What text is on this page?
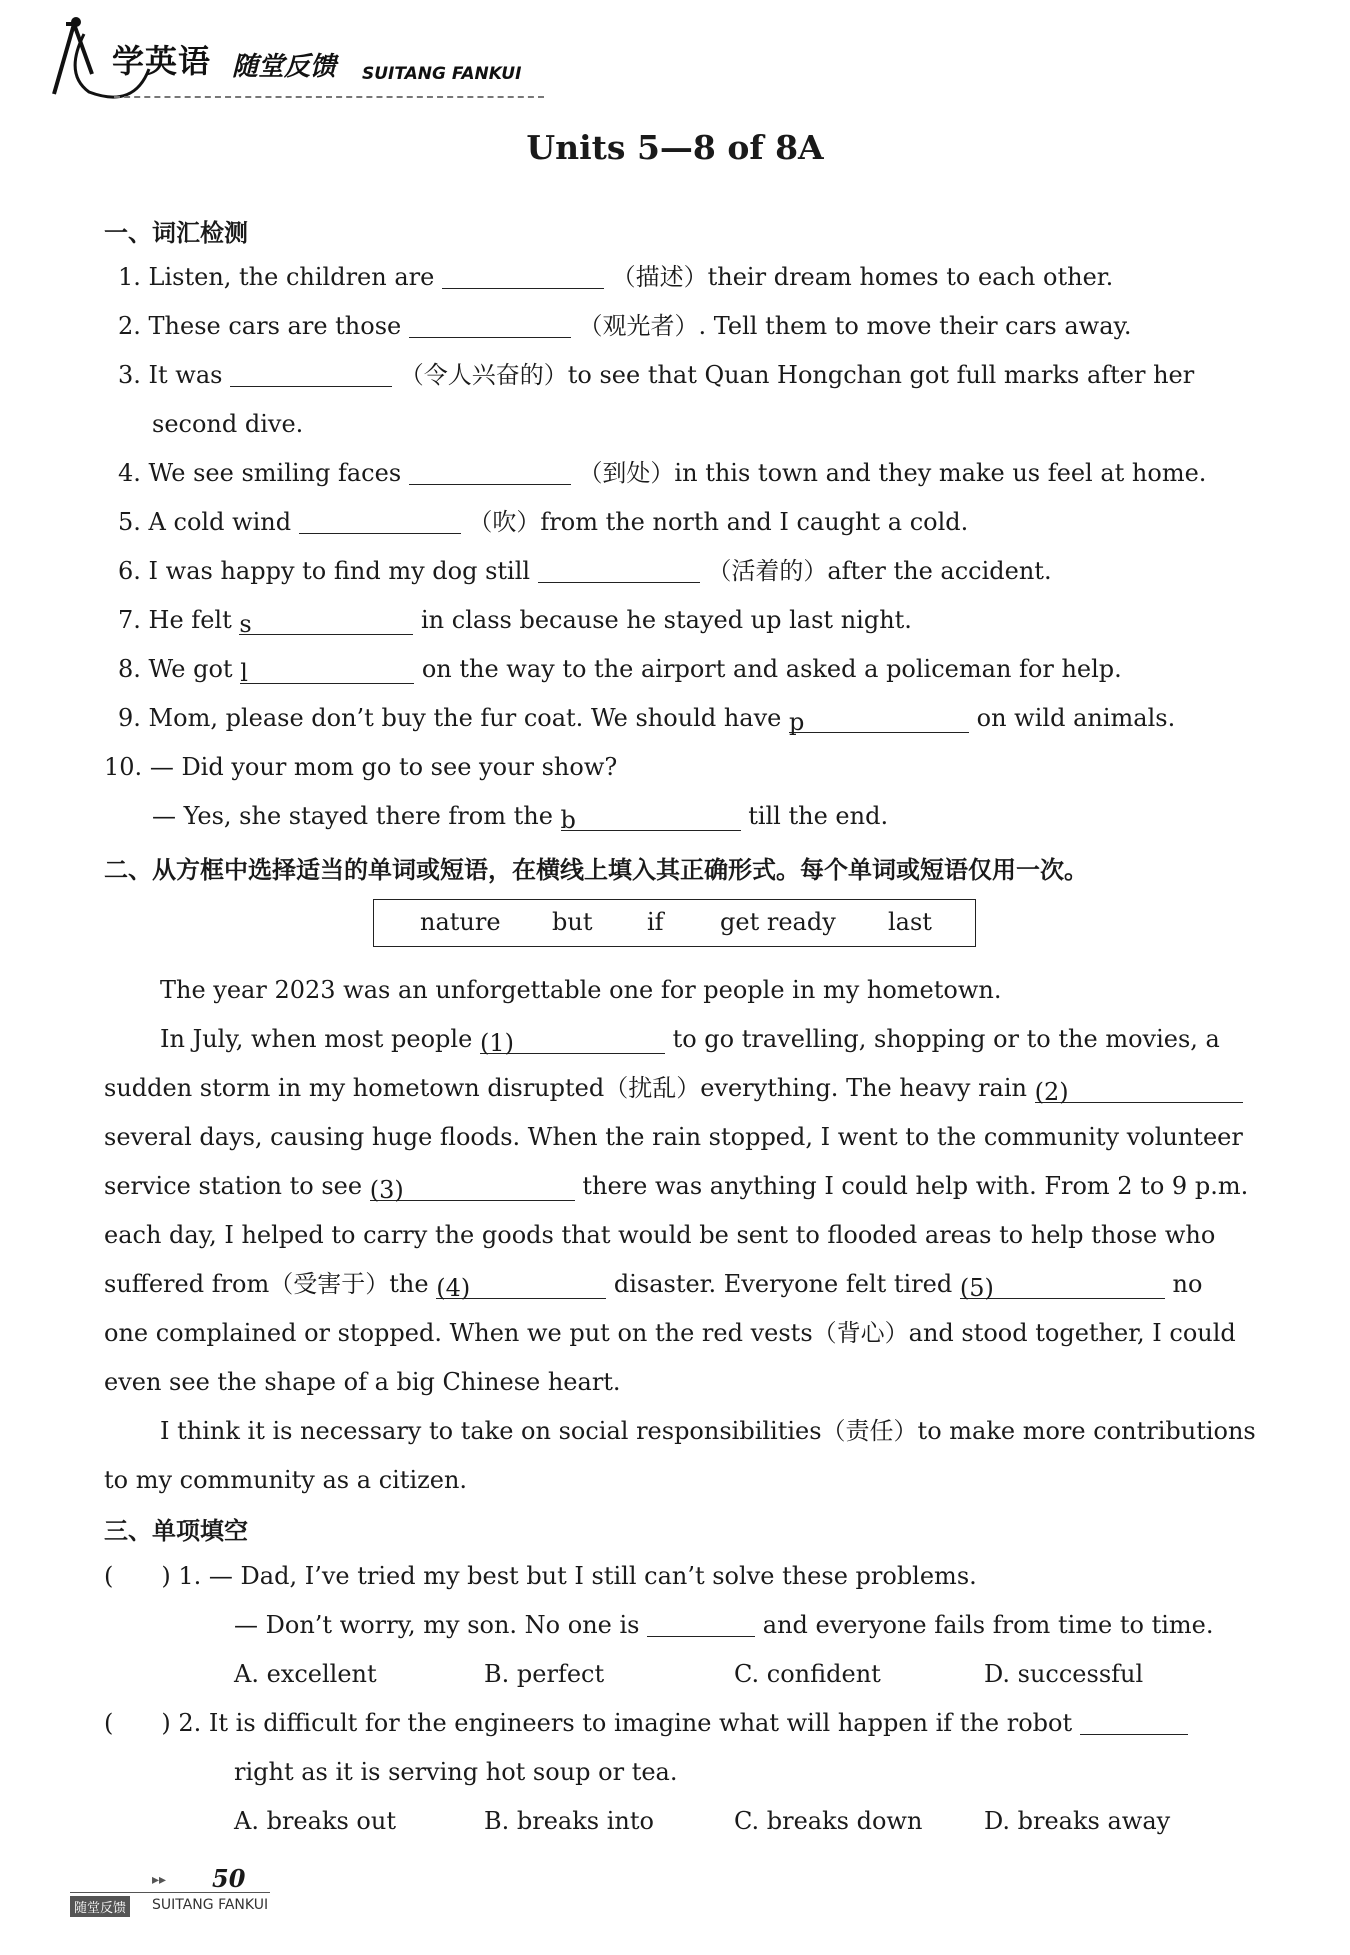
学英语 随堂反馈 SUITANG FANKUI
Units 5—8 of 8A
一、词汇检测
1. Listen, the children are	（描述）their dream homes to each other.
2. These cars are those	（观光者）. Tell them to move their cars away.
3. It was	（令人兴奋的）to see that Quan Hongchan got full marks after her
second dive.
4. We see smiling faces	（到处）in this town and they make us feel at home.
5. A cold wind	（吹）from the north and I caught a cold.
6. I was happy to find my dog still	（活着的）after the accident.
7. He felt s	in class because he stayed up last night.
8. We got l	on the way to the airport and asked a policeman for help.
9. Mom, please don’t buy the fur coat. We should have p	on wild animals.
10. — Did your mom go to see your show?
— Yes, she stayed there from the b	till the end.
二、从方框中选择适当的单词或短语，在横线上填入其正确形式。每个单词或短语仅用一次。
nature but if get ready last
The year 2023 was an unforgettable one for people in my hometown.
In July, when most people (1)	to go travelling, shopping or to the movies, a
sudden storm in my hometown disrupted（扰乱）everything. The heavy rain (2)
several days, causing huge floods. When the rain stopped, I went to the community volunteer
service station to see (3)	there was anything I could help with. From 2 to 9 p.m.
each day, I helped to carry the goods that would be sent to flooded areas to help those who
suffered from（受害于）the (4)	disaster. Everyone felt tired (5)	no
one complained or stopped. When we put on the red vests（背心）and stood together, I could
even see the shape of a big Chinese heart.
I think it is necessary to take on social responsibilities（责任）to make more contributions
to my community as a citizen.
三、单项填空
(　　) 1. — Dad, I’ve tried my best but I still can’t solve these problems.
— Don’t worry, my son. No one is	and everyone fails from time to time.
A. excellent	B. perfect	C. confident	D. successful
(　　) 2. It is difficult for the engineers to imagine what will happen if the robot
right as it is serving hot soup or tea.
A. breaks out	B. breaks into	C. breaks down	D. breaks away
▸▸ 50
随堂反馈 SUITANG FANKUI
